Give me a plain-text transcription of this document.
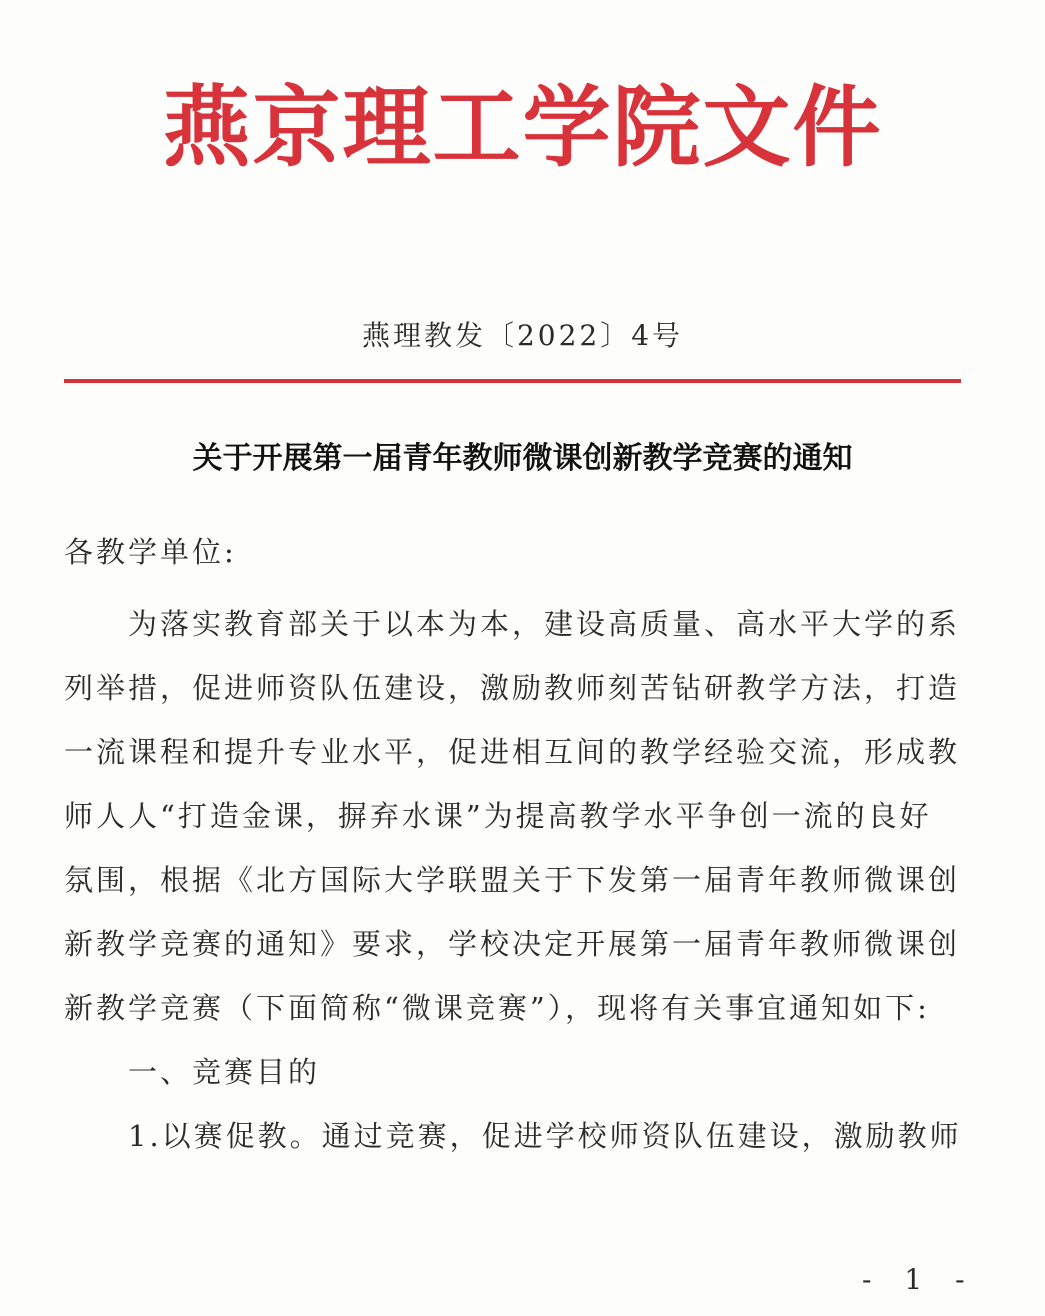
燕京理工学院文件
燕理教发〔2022〕4号
关于开展第一届青年教师微课创新教学竞赛的通知
各教学单位:
为落实教育部关于以本为本，建设高质量、高水平大学的系
列举措，促进师资队伍建设，激励教师刻苦钻研教学方法，打造
一流课程和提升专业水平，促进相互间的教学经验交流，形成教
师人人“打造金课，摒弃水课”为提高教学水平争创一流的良好
氛围，根据《北方国际大学联盟关于下发第一届青年教师微课创
新教学竞赛的通知》要求，学校决定开展第一届青年教师微课创
新教学竞赛（下面简称“微课竞赛”），现将有关事宜通知如下:
一、竞赛目的
1.以赛促教。通过竞赛，促进学校师资队伍建设，激励教师
- 1 -
